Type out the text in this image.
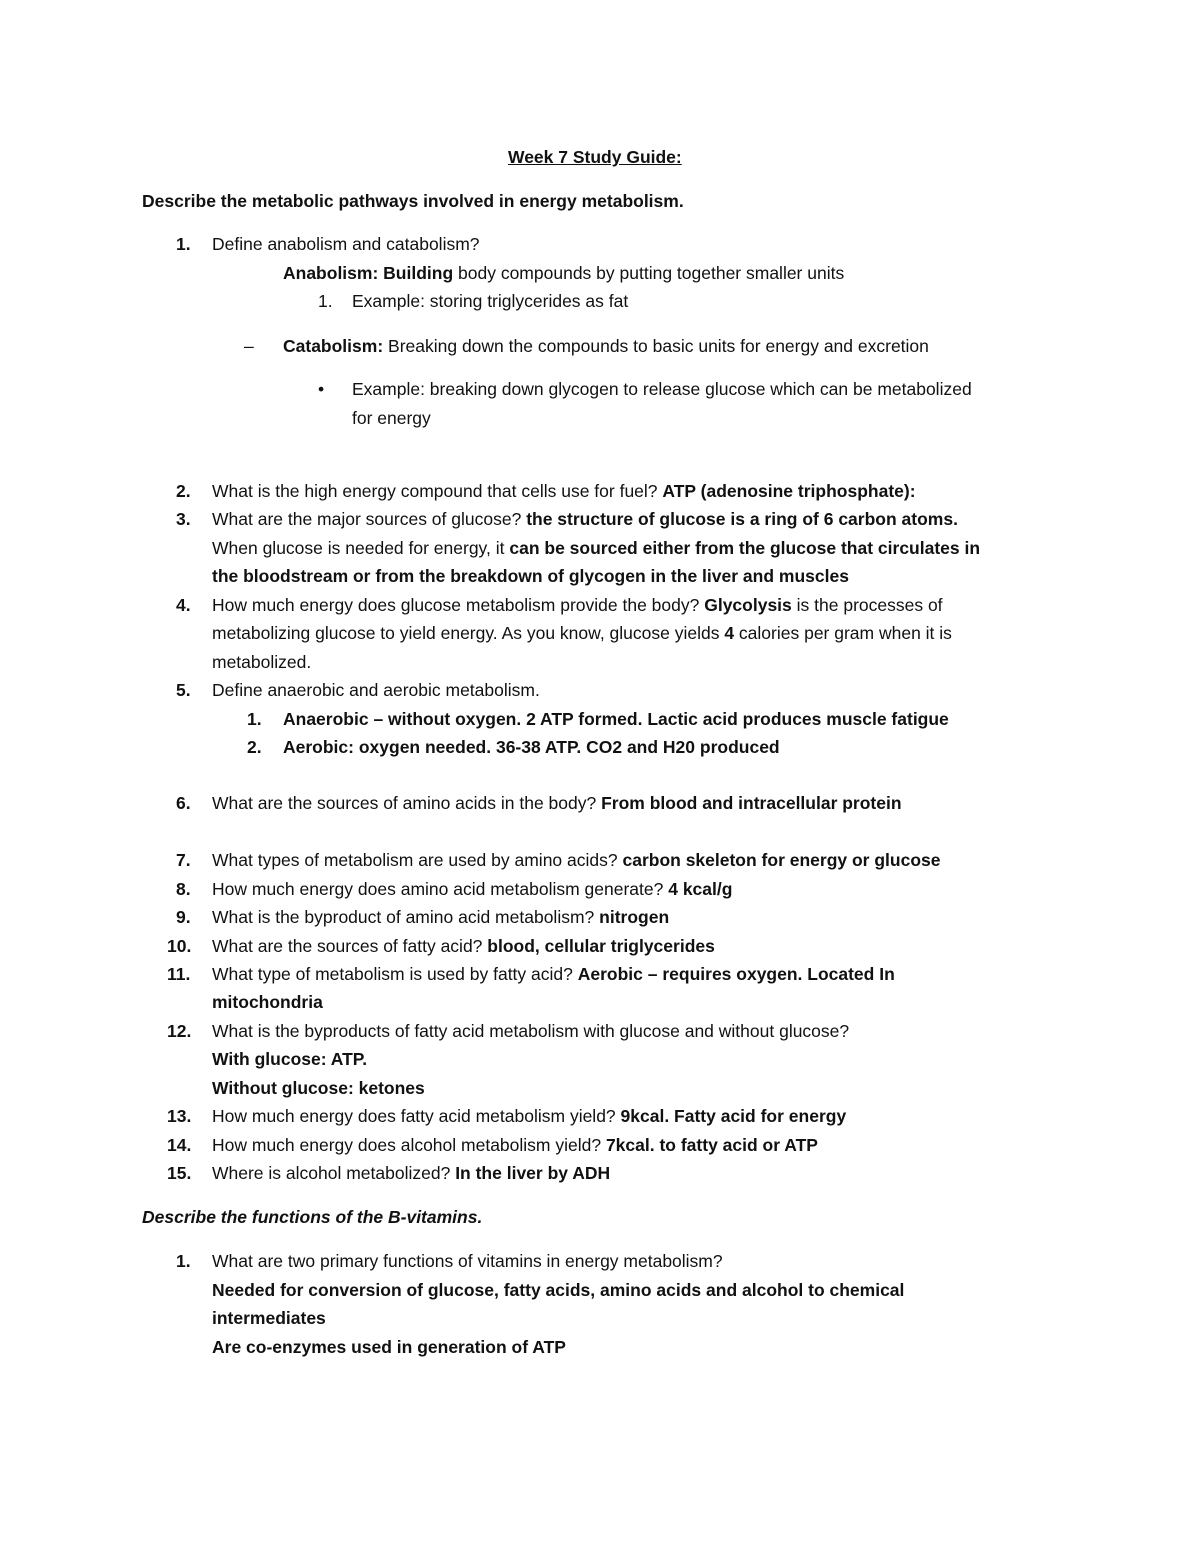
Week 7 Study Guide:
Describe the metabolic pathways involved in energy metabolism.
1. Define anabolism and catabolism?
Anabolism: Building body compounds by putting together smaller units
1. Example: storing triglycerides as fat
– Catabolism: Breaking down the compounds to basic units for energy and excretion
• Example: breaking down glycogen to release glucose which can be metabolized
for energy
2. What is the high energy compound that cells use for fuel? ATP (adenosine triphosphate):
3. What are the major sources of glucose? the structure of glucose is a ring of 6 carbon atoms.
When glucose is needed for energy, it can be sourced either from the glucose that circulates in
the bloodstream or from the breakdown of glycogen in the liver and muscles
4. How much energy does glucose metabolism provide the body? Glycolysis is the processes of
metabolizing glucose to yield energy. As you know, glucose yields 4 calories per gram when it is
metabolized.
5. Define anaerobic and aerobic metabolism.
1. Anaerobic – without oxygen. 2 ATP formed. Lactic acid produces muscle fatigue
2. Aerobic: oxygen needed. 36-38 ATP. CO2 and H20 produced
6. What are the sources of amino acids in the body? From blood and intracellular protein
7. What types of metabolism are used by amino acids? carbon skeleton for energy or glucose
8. How much energy does amino acid metabolism generate? 4 kcal/g
9. What is the byproduct of amino acid metabolism? nitrogen
10. What are the sources of fatty acid? blood, cellular triglycerides
11. What type of metabolism is used by fatty acid? Aerobic – requires oxygen. Located In
mitochondria
12. What is the byproducts of fatty acid metabolism with glucose and without glucose?
With glucose: ATP.
Without glucose: ketones
13. How much energy does fatty acid metabolism yield? 9kcal. Fatty acid for energy
14. How much energy does alcohol metabolism yield? 7kcal. to fatty acid or ATP
15. Where is alcohol metabolized? In the liver by ADH
Describe the functions of the B-vitamins.
1. What are two primary functions of vitamins in energy metabolism?
Needed for conversion of glucose, fatty acids, amino acids and alcohol to chemical
intermediates
Are co-enzymes used in generation of ATP
